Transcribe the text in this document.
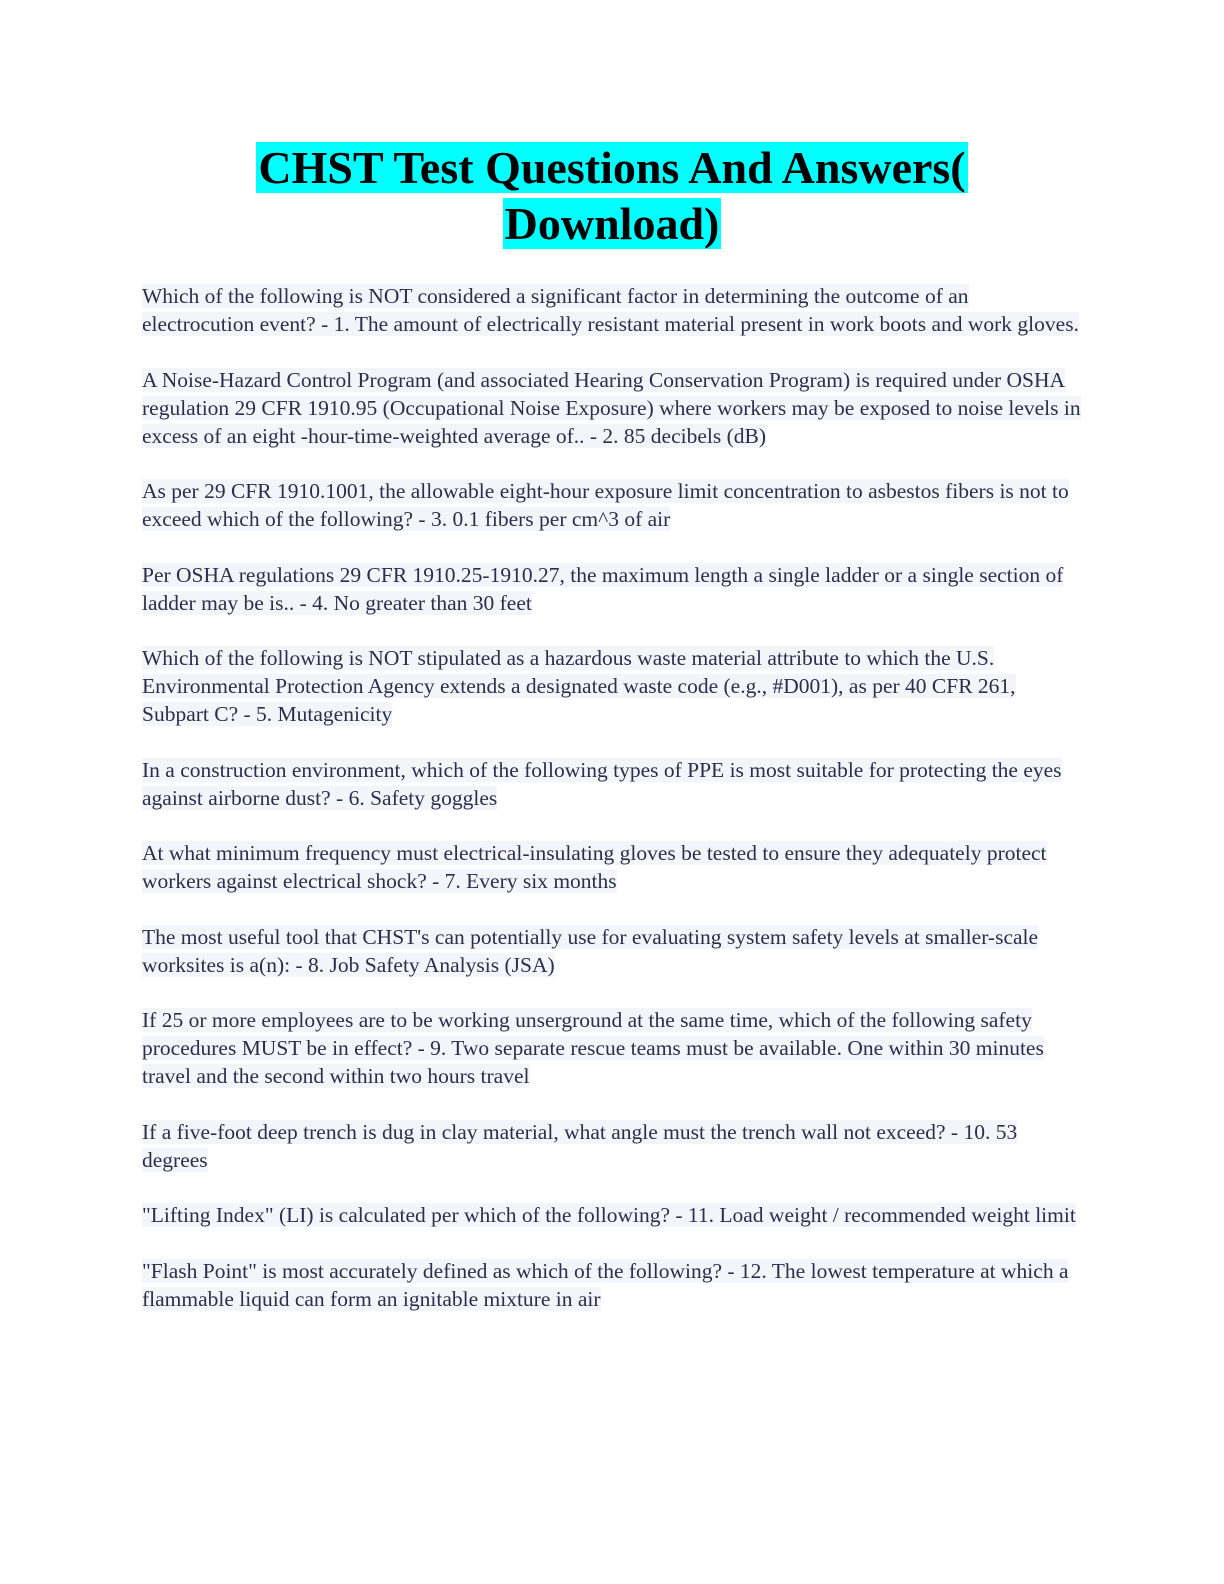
CHST Test Questions And Answers(
Download)

Which of the following is NOT considered a significant factor in determining the outcome of an electrocution event? - 1. The amount of electrically resistant material present in work boots and work gloves.

A Noise-Hazard Control Program (and associated Hearing Conservation Program) is required under OSHA regulation 29 CFR 1910.95 (Occupational Noise Exposure) where workers may be exposed to noise levels in excess of an eight -hour-time-weighted average of.. - 2. 85 decibels (dB)

As per 29 CFR 1910.1001, the allowable eight-hour exposure limit concentration to asbestos fibers is not to exceed which of the following? - 3. 0.1 fibers per cm^3 of air

Per OSHA regulations 29 CFR 1910.25-1910.27, the maximum length a single ladder or a single section of ladder may be is.. - 4. No greater than 30 feet

Which of the following is NOT stipulated as a hazardous waste material attribute to which the U.S. Environmental Protection Agency extends a designated waste code (e.g., #D001), as per 40 CFR 261, Subpart C? - 5. Mutagenicity

In a construction environment, which of the following types of PPE is most suitable for protecting the eyes against airborne dust? - 6. Safety goggles

At what minimum frequency must electrical-insulating gloves be tested to ensure they adequately protect workers against electrical shock? - 7. Every six months

The most useful tool that CHST's can potentially use for evaluating system safety levels at smaller-scale worksites is a(n): - 8. Job Safety Analysis (JSA)

If 25 or more employees are to be working unserground at the same time, which of the following safety procedures MUST be in effect? - 9. Two separate rescue teams must be available. One within 30 minutes travel and the second within two hours travel

If a five-foot deep trench is dug in clay material, what angle must the trench wall not exceed? - 10. 53 degrees

"Lifting Index" (LI) is calculated per which of the following? - 11. Load weight / recommended weight limit

"Flash Point" is most accurately defined as which of the following? - 12. The lowest temperature at which a flammable liquid can form an ignitable mixture in air
